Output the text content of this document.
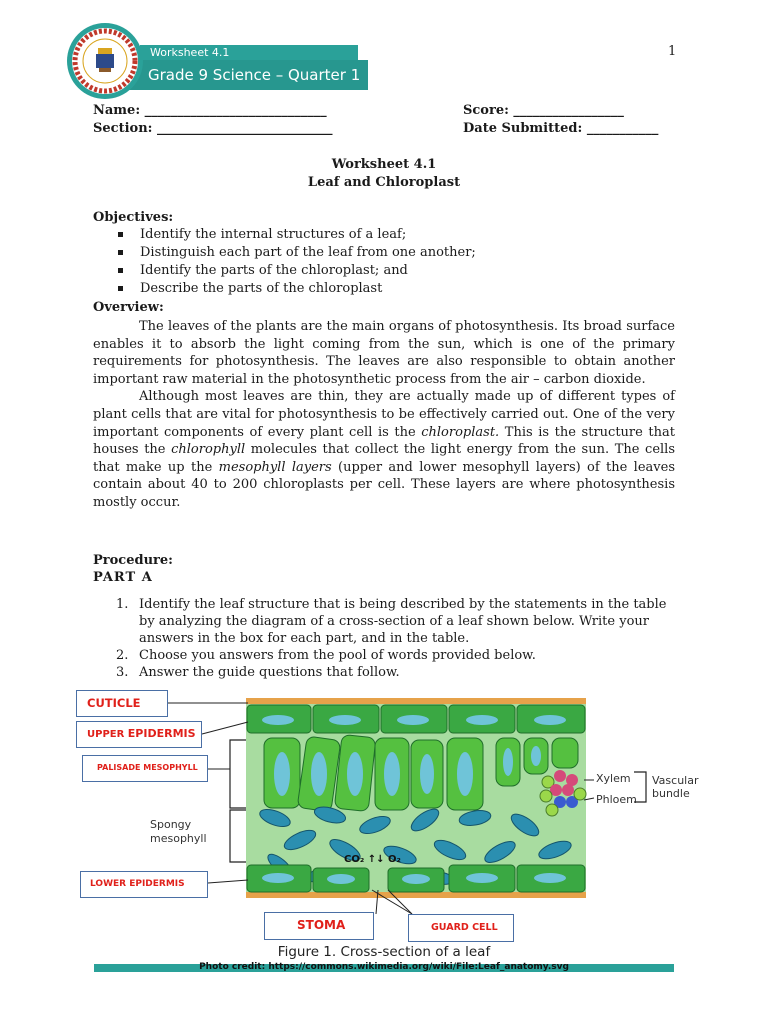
Worksheet 4.1
Grade 9 Science – Quarter 1
1
Name: ____________________________	Score: _________________
Section: ___________________________	Date Submitted: ___________
Worksheet 4.1
Leaf and Chloroplast
Objectives:
Identify the internal structures of a leaf;
Distinguish each part of the leaf from one another;
Identify the parts of the chloroplast; and
Describe the parts of the chloroplast
Overview:

The leaves of the plants are the main organs of photosynthesis. Its broad surface enables it to absorb the light coming from the sun, which is one of the primary requirements for photosynthesis. The leaves are also responsible to obtain another important raw material in the photosynthetic process from the air – carbon dioxide.

Although most leaves are thin, they are actually made up of different types of plant cells that are vital for photosynthesis to be effectively carried out. One of the very important components of every plant cell is the chloroplast. This is the structure that houses the chlorophyll molecules that collect the light energy from the sun. The cells that make up the mesophyll layers (upper and lower mesophyll layers) of the leaves contain about 40 to 200 chloroplasts per cell. These layers are where photosynthesis mostly occur.

Procedure:
PART A
1. Identify the leaf structure that is being described by the statements in the table by analyzing the diagram of a cross-section of a leaf shown below. Write your answers in the box for each part, and in the table.
2. Choose you answers from the pool of words provided below.
3. Answer the guide questions that follow.
Spongy
mesophyll
Xylem
Phloem
Vascular
bundle
CO₂ ↑↓ O₂
CUTICLE
UPPER EPIDERMIS
PALISADE MESOPHYLL
LOWER EPIDERMIS
STOMA	GUARD CELL
Figure 1. Cross-section of a leaf
Photo credit: https://commons.wikimedia.org/wiki/File:Leaf_anatomy.svg
